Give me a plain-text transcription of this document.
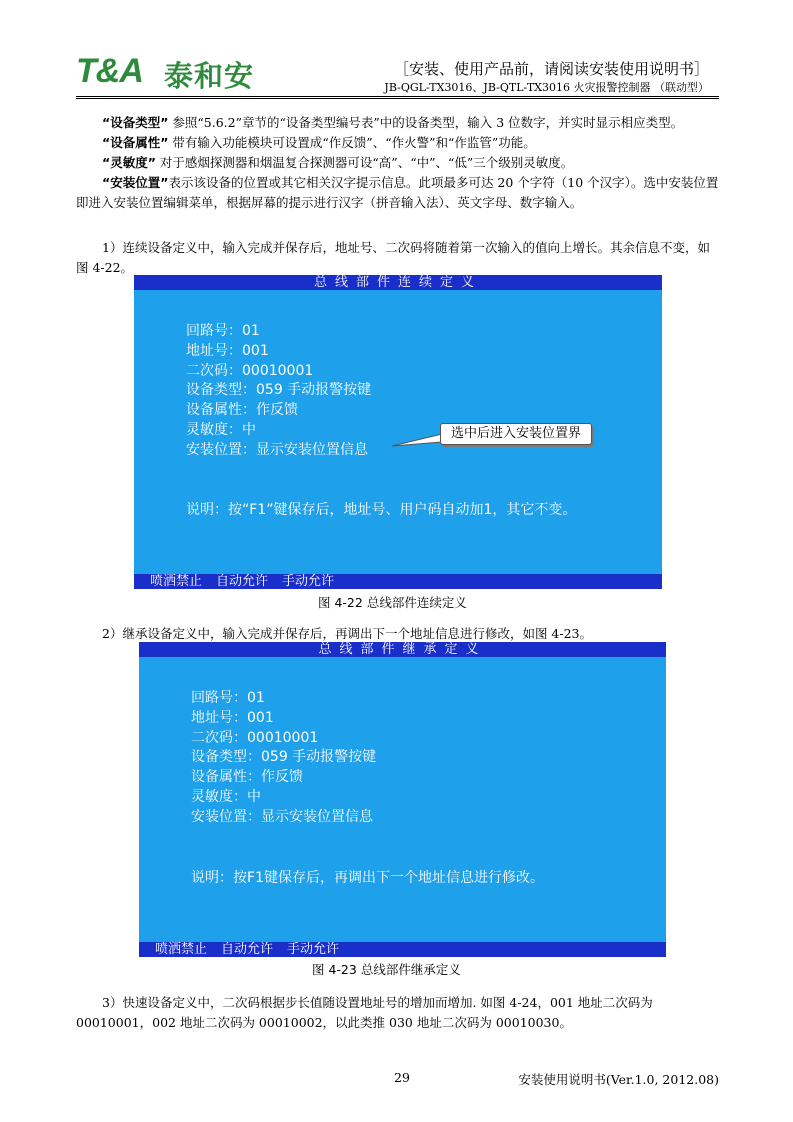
T&A 泰和安	［安装、使用产品前，请阅读安装使用说明书］
JB-QGL-TX3016、JB-QTL-TX3016 火灾报警控制器 （联动型）

“设备类型” 参照“5.6.2”章节的“设备类型编号表”中的设备类型，输入 3 位数字，并实时显示相应类型。

“设备属性” 带有输入功能模块可设置成“作反馈”、“作火警”和“作监管”功能。

“灵敏度” 对于感烟探测器和烟温复合探测器可设“高”、“中”、“低”三个级别灵敏度。

“安装位置”表示该设备的位置或其它相关汉字提示信息。此项最多可达 20 个字符（10 个汉字）。选中安装位置即进入安装位置编辑菜单，根据屏幕的提示进行汉字（拼音输入法）、英文字母、数字输入。

1）连续设备定义中，输入完成并保存后，地址号、二次码将随着第一次输入的值向上增长。其余信息不变，如图 4-22。

总线部件连续定义
回路号：01
地址号：001
二次码：00010001
设备类型：059 手动报警按键
设备属性：作反馈
灵敏度：中
安装位置：显示安装位置信息
说明：按“F1”键保存后，地址号、用户码自动加1，其它不变。
喷洒禁止 自动允许 手动允许
选中后进入安装位置界
图 4-22 总线部件连续定义

2）继承设备定义中，输入完成并保存后，再调出下一个地址信息进行修改，如图 4-23。

总线部件继承定义
回路号：01
地址号：001
二次码：00010001
设备类型：059 手动报警按键
设备属性：作反馈
灵敏度：中
安装位置：显示安装位置信息
说明：按F1键保存后，再调出下一个地址信息进行修改。
喷洒禁止 自动允许 手动允许
图 4-23 总线部件继承定义

3）快速设备定义中，二次码根据步长值随设置地址号的增加而增加. 如图 4-24，001 地址二次码为 00010001，002 地址二次码为 00010002，以此类推 030 地址二次码为 00010030。

29	安装使用说明书(Ver.1.0, 2012.08)
